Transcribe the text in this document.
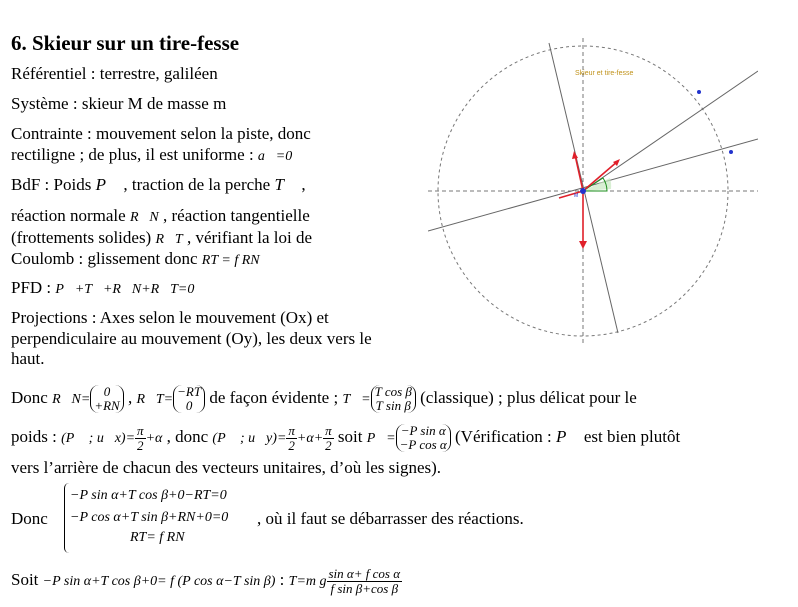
6. Skieur sur un tire-fesse
Référentiel : terrestre, galiléen
Système : skieur M de masse m
Contrainte : mouvement selon la piste, donc
rectiligne ; de plus, il est uniforme : a⃗=0⃗
BdF : Poids P⃗ , traction de la perche T⃗ ,
réaction normale R⃗N , réaction tangentielle
(frottements solides) R⃗T , vérifiant la loi de
Coulomb : glissement donc RT = f RN
PFD : P⃗+T⃗+R⃗N+R⃗T=0⃗
Projections : Axes selon le mouvement (Ox) et
perpendiculaire au mouvement (Oy), les deux vers le
haut.
Donc R⃗N=
0
+RN , R⃗T=
−RT
0 de façon évidente ; T⃗=
T cos β
T sin β (classique) ; plus délicat pour le
poids : (P⃗ ; u⃗x)= $\frac{\pi}{2} +\alpha$ , donc (P⃗ ; u⃗y)= $\frac{\pi}{2} +\alpha+ \frac{\pi}{2}$ soit P⃗=
−P sin α
−P cos α (Vérification : P⃗ est bien plutôt
vers l’arrière de chacun des vecteurs unitaires, d’où les signes).
Donc
−P sin α+T cos β+0−RT=0
−P cos α+T sin β+RN+0=0
RT= f RN
, où il faut se débarrasser des réactions.
Soit −P sin α+T cos β+0= f (P cos α−T sin β) : T=m g $\frac{\text{sin α+ f cos α}}{\text{f sin β+cos β}}$
Skieur et tire-fesse
M
